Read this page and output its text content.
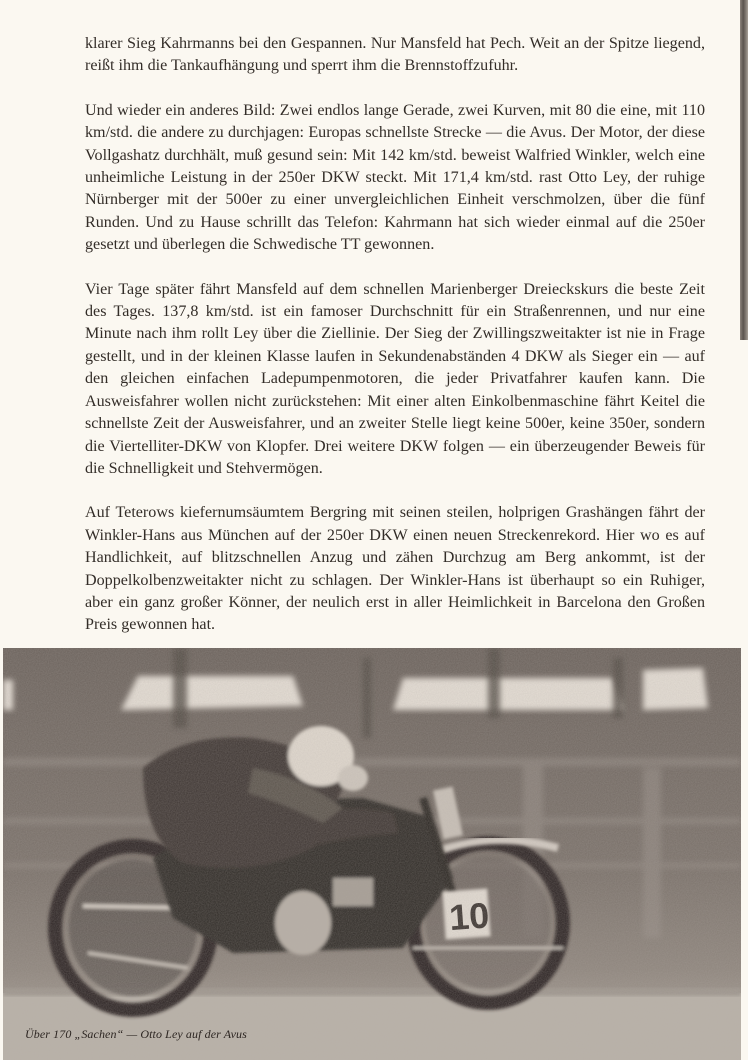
klarer Sieg Kahrmanns bei den Gespannen. Nur Mansfeld hat Pech. Weit an der Spitze liegend, reißt ihm die Tankaufhängung und sperrt ihm die Brennstoffzufuhr.

Und wieder ein anderes Bild: Zwei endlos lange Gerade, zwei Kurven, mit 80 die eine, mit 110 km/std. die andere zu durchjagen: Europas schnellste Strecke — die Avus. Der Motor, der diese Vollgashatz durchhält, muß gesund sein: Mit 142 km/std. beweist Walfried Winkler, welch eine unheimliche Leistung in der 250er DKW steckt. Mit 171,4 km/std. rast Otto Ley, der ruhige Nürnberger mit der 500er zu einer unvergleichlichen Einheit verschmolzen, über die fünf Runden. Und zu Hause schrillt das Telefon: Kahrmann hat sich wieder einmal auf die 250er gesetzt und überlegen die Schwedische TT gewonnen.

Vier Tage später fährt Mansfeld auf dem schnellen Marienberger Dreieckskurs die beste Zeit des Tages. 137,8 km/std. ist ein famoser Durchschnitt für ein Straßenrennen, und nur eine Minute nach ihm rollt Ley über die Ziellinie. Der Sieg der Zwillingszweitakter ist nie in Frage gestellt, und in der kleinen Klasse laufen in Sekundenabständen 4 DKW als Sieger ein — auf den gleichen einfachen Ladepumpenmotoren, die jeder Privatfahrer kaufen kann. Die Ausweisfahrer wollen nicht zurückstehen: Mit einer alten Einkolbenmaschine fährt Keitel die schnellste Zeit der Ausweisfahrer, und an zweiter Stelle liegt keine 500er, keine 350er, sondern die Viertelliter-DKW von Klopfer. Drei weitere DKW folgen — ein überzeugender Beweis für die Schnelligkeit und Stehvermögen.

Auf Teterows kiefernumsäumtem Bergring mit seinen steilen, holprigen Grashängen fährt der Winkler-Hans aus München auf der 250er DKW einen neuen Streckenrekord. Hier wo es auf Handlichkeit, auf blitzschnellen Anzug und zähen Durchzug am Berg ankommt, ist der Doppelkolbenzweitakter nicht zu schlagen. Der Winkler-Hans ist überhaupt so ein Ruhiger, aber ein ganz großer Könner, der neulich erst in aller Heimlichkeit in Barcelona den Großen Preis gewonnen hat.

Über 170 „Sachen“ — Otto Ley auf der Avus
